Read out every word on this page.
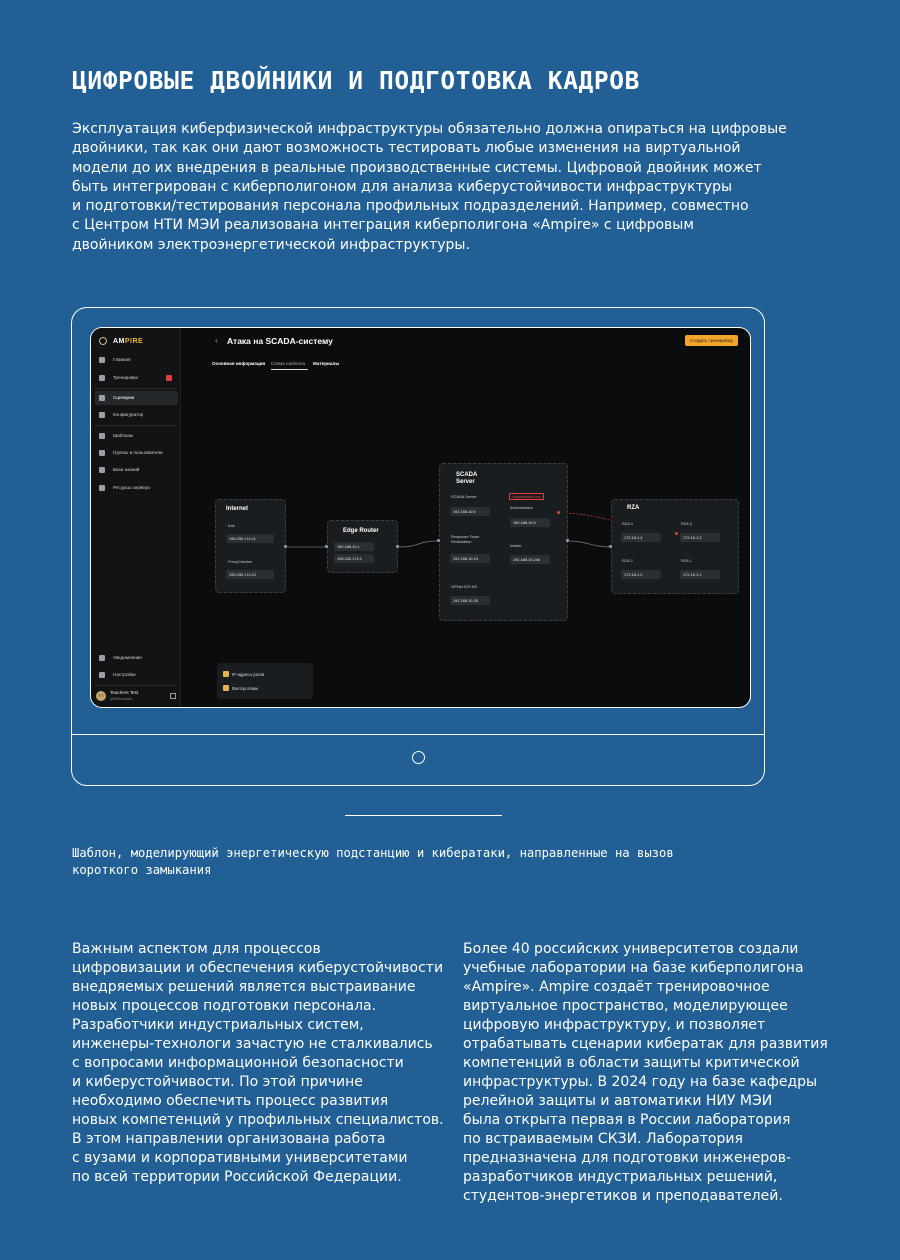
ЦИФРОВЫЕ ДВОЙНИКИ И ПОДГОТОВКА КАДРОВ
Эксплуатация киберфизической инфраструктуры обязательно должна опираться на цифровые
двойники, так как они дают возможность тестировать любые изменения на виртуальной
модели до их внедрения в реальные производственные системы. Цифровой двойник может
быть интегрирован с киберполигоном для анализа киберустойчивости инфраструктуры
и подготовки/тестирования персонала профильных подразделений. Например, совместно
с Центром НТИ МЭИ реализована интеграция киберполигона «Ampire» с цифровым
двойником электроэнергетической инфраструктуры.
AMPIRE
Главная
Тренировки
Сценарии
Конфигуратор
Шаблоны
Группы и пользователи
База знаний
Ресурсы сервера
Уведомления
Настройки
TT
Teachers Test
@teltteacher
‹ Атака на SCADA-систему	Создать тренировку
Основная информация Схема шаблона Материалы
Internet
Kali
195.230.174.11
ProxyChecker
195.230.174.12
Edge Router
192.168.10.1
195.230.174.1
SCADA
Server
SCADA Server
192.168.10.6
Response Team
Workstation
192.168.10.10
ViPNet IDS NS
192.168.10.35
Заражённый хост
Administrator
192.168.10.5
Insider
192.168.10.246
RZA
RZA 4
172.16.1.4
RZA 3
172.16.1.3
RZA 2
172.16.1.2
RZA 1
172.16.1.1
IP-адреса узлов
Вектор атаки
Шаблон, моделирующий энергетическую подстанцию и кибератаки, направленные на вызов
короткого замыкания
Важным аспектом для процессов
цифровизации и обеспечения киберустойчивости
внедряемых решений является выстраивание
новых процессов подготовки персонала.
Разработчики индустриальных систем,
инженеры-технологи зачастую не сталкивались
с вопросами информационной безопасности
и киберустойчивости. По этой причине
необходимо обеспечить процесс развития
новых компетенций у профильных специалистов.
В этом направлении организована работа
с вузами и корпоративными университетами
по всей территории Российской Федерации.
Более 40 российских университетов создали
учебные лаборатории на базе киберполигона
«Ampire». Ampire создаёт тренировочное
виртуальное пространство, моделирующее
цифровую инфраструктуру, и позволяет
отрабатывать сценарии кибератак для развития
компетенций в области защиты критической
инфраструктуры. В 2024 году на базе кафедры
релейной защиты и автоматики НИУ МЭИ
была открыта первая в России лаборатория
по встраиваемым СКЗИ. Лаборатория
предназначена для подготовки инженеров-
разработчиков индустриальных решений,
студентов-энергетиков и преподавателей.
